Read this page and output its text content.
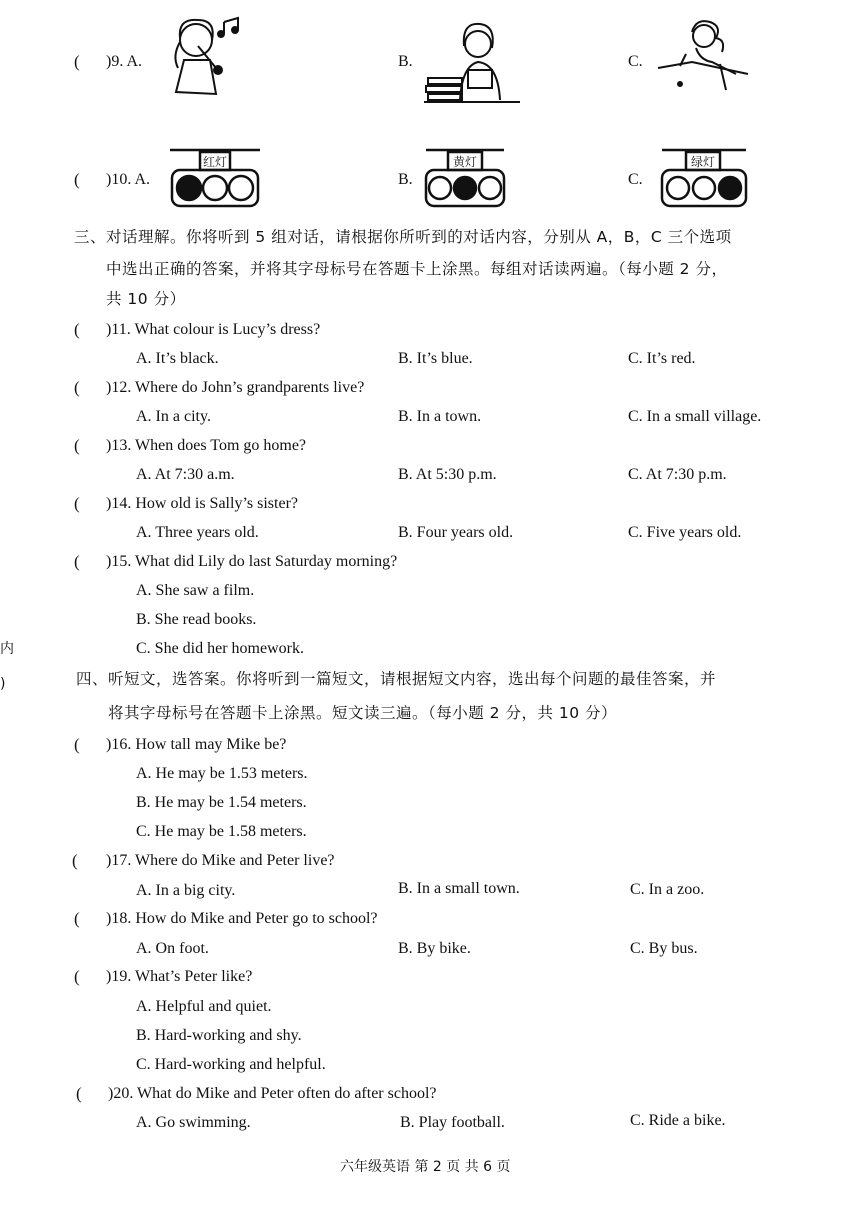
( )9. A.	B.	C.
( )10. A.	B.	C.
红灯	黄灯	绿灯
三、对话理解。你将听到 5 组对话，请根据你所听到的对话内容，分别从 A，B，C 三个选项
中选出正确的答案，并将其字母标号在答题卡上涂黑。每组对话读两遍。（每小题 2 分，
共 10 分）
( )11. What colour is Lucy’s dress?
A. It’s black.	B. It’s blue.	C. It’s red.
( )12. Where do John’s grandparents live?
A. In a city.	B. In a town.	C. In a small village.
( )13. When does Tom go home?
A. At 7:30 a.m.	B. At 5:30 p.m.	C. At 7:30 p.m.
( )14. How old is Sally’s sister?
A. Three years old.	B. Four years old.	C. Five years old.
( )15. What did Lily do last Saturday morning?
A. She saw a film.
B. She read books.
C. She did her homework.
内
)	四、听短文，选答案。你将听到一篇短文，请根据短文内容，选出每个问题的最佳答案，并
将其字母标号在答题卡上涂黑。短文读三遍。（每小题 2 分，共 10 分）
( )16. How tall may Mike be?
A. He may be 1.53 meters.
B. He may be 1.54 meters.
C. He may be 1.58 meters.
( )17. Where do Mike and Peter live?
A. In a big city.	B. In a small town.	C. In a zoo.
( )18. How do Mike and Peter go to school?
A. On foot.	B. By bike.	C. By bus.
( )19. What’s Peter like?
A. Helpful and quiet.
B. Hard-working and shy.
C. Hard-working and helpful.
( )20. What do Mike and Peter often do after school?
A. Go swimming.	B. Play football.	C. Ride a bike.
六年级英语 第 2 页 共 6 页
